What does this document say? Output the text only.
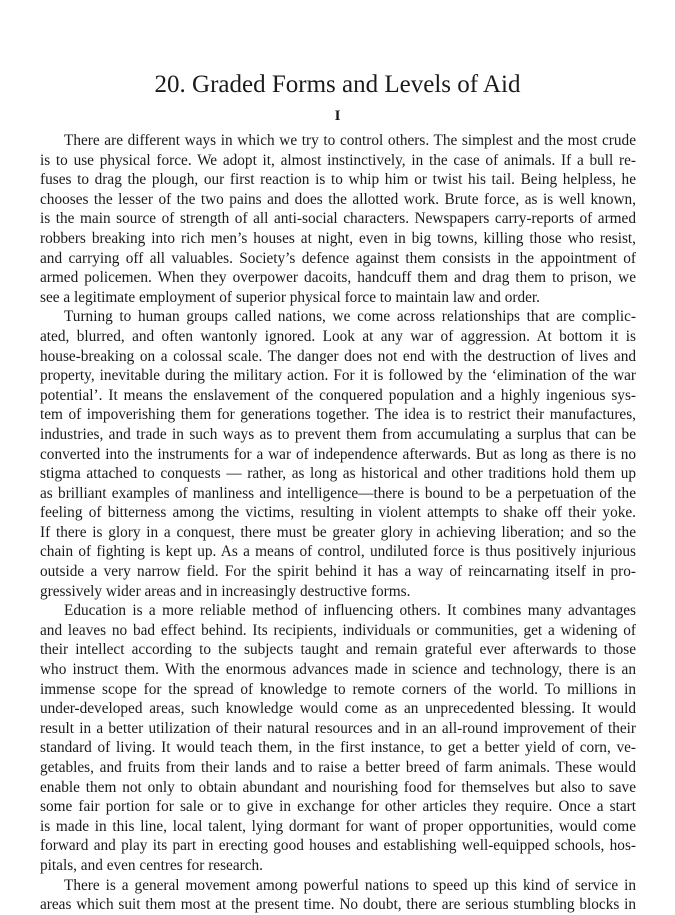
20. Graded Forms and Levels of Aid
I
There are different ways in which we try to control others. The simplest and the most crude
is to use physical force. We adopt it, almost instinctively, in the case of animals. If a bull re-
fuses to drag the plough, our first reaction is to whip him or twist his tail. Being helpless, he
chooses the lesser of the two pains and does the allotted work. Brute force, as is well known,
is the main source of strength of all anti-social characters. Newspapers carry-reports of armed
robbers breaking into rich men’s houses at night, even in big towns, killing those who resist,
and carrying off all valuables. Society’s defence against them consists in the appointment of
armed policemen. When they overpower dacoits, handcuff them and drag them to prison, we
see a legitimate employment of superior physical force to maintain law and order.
Turning to human groups called nations, we come across relationships that are complic-
ated, blurred, and often wantonly ignored. Look at any war of aggression. At bottom it is
house-breaking on a colossal scale. The danger does not end with the destruction of lives and
property, inevitable during the military action. For it is followed by the ‘elimination of the war
potential’. It means the enslavement of the conquered population and a highly ingenious sys-
tem of impoverishing them for generations together. The idea is to restrict their manufactures,
industries, and trade in such ways as to prevent them from accumulating a surplus that can be
converted into the instruments for a war of independence afterwards. But as long as there is no
stigma attached to conquests — rather, as long as historical and other traditions hold them up
as brilliant examples of manliness and intelligence—there is bound to be a perpetuation of the
feeling of bitterness among the victims, resulting in violent attempts to shake off their yoke.
If there is glory in a conquest, there must be greater glory in achieving liberation; and so the
chain of fighting is kept up. As a means of control, undiluted force is thus positively injurious
outside a very narrow field. For the spirit behind it has a way of reincarnating itself in pro-
gressively wider areas and in increasingly destructive forms.
Education is a more reliable method of influencing others. It combines many advantages
and leaves no bad effect behind. Its recipients, individuals or communities, get a widening of
their intellect according to the subjects taught and remain grateful ever afterwards to those
who instruct them. With the enormous advances made in science and technology, there is an
immense scope for the spread of knowledge to remote corners of the world. To millions in
under-developed areas, such knowledge would come as an unprecedented blessing. It would
result in a better utilization of their natural resources and in an all-round improvement of their
standard of living. It would teach them, in the first instance, to get a better yield of corn, ve-
getables, and fruits from their lands and to raise a better breed of farm animals. These would
enable them not only to obtain abundant and nourishing food for themselves but also to save
some fair portion for sale or to give in exchange for other articles they require. Once a start
is made in this line, local talent, lying dormant for want of proper opportunities, would come
forward and play its part in erecting good houses and establishing well-equipped schools, hos-
pitals, and even centres for research.
There is a general movement among powerful nations to speed up this kind of service in
areas which suit them most at the present time. No doubt, there are serious stumbling blocks in
